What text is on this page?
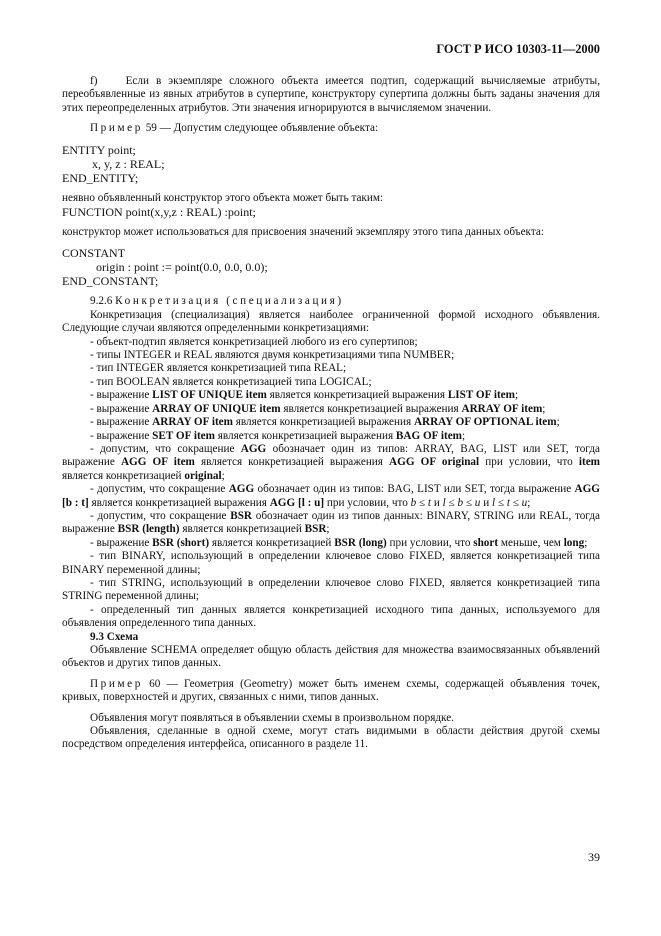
ГОСТ Р ИСО 10303-11—2000

f)    Если в экземпляре сложного объекта имеется подтип, содержащий вычисляемые атрибуты, переобъявленные из явных атрибутов в супертипе, конструктору супертипа должны быть заданы значения для этих переопределенных атрибутов. Эти значения игнорируются в вычисляемом значении.

Пример 59 — Допустим следующее объявление объекта:

ENTITY point;

x, y, z : REAL;

END_ENTITY;

неявно объявленный конструктор этого объекта может быть таким:

FUNCTION point(x,y,z : REAL) :point;

конструктор может использоваться для присвоения значений экземпляру этого типа данных объекта:

CONSTANT

origin : point := point(0.0, 0.0, 0.0);

END_CONSTANT;

9.2.6 Конкретизация (специализация)

Конкретизация (специализация) является наиболее ограниченной формой исходного объявления. Следующие случаи являются определенными конкретизациями:

- объект-подтип является конкретизацией любого из его супертипов;

- типы INTEGER и REAL являются двумя конкретизациями типа NUMBER;

- тип INTEGER является конкретизацией типа REAL;

- тип BOOLEAN является конкретизацией типа LOGICAL;

- выражение LIST OF UNIQUE item является конкретизацией выражения LIST OF item;

- выражение ARRAY OF UNIQUE item является конкретизацией выражения ARRAY OF item;

- выражение ARRAY OF item является конкретизацией выражения ARRAY OF OPTIONAL item;

- выражение SET OF item является конкретизацией выражения BAG OF item;

- допустим, что сокращение AGG обозначает один из типов: ARRAY, BAG, LIST или SET, тогда выражение AGG OF item является конкретизацией выражения AGG OF original при условии, что item является конкретизацией original;

- допустим, что сокращение AGG обозначает один из типов: BAG, LIST или SET, тогда выражение AGG [b : t] является конкретизацией выражения AGG [l : u] при условии, что b ≤ t и l ≤ b ≤ u и l ≤ t ≤ u;

- допустим, что сокращение BSR обозначает один из типов данных: BINARY, STRING или REAL, тогда выражение BSR (length) является конкретизацией BSR;

- выражение BSR (short) является конкретизацией BSR (long) при условии, что short меньше, чем long;

- тип BINARY, использующий в определении ключевое слово FIXED, является конкретизацией типа BINARY переменной длины;

- тип STRING, использующий в определении ключевое слово FIXED, является конкретизацией типа STRING переменной длины;

- определенный тип данных является конкретизацией исходного типа данных, используемого для объявления определенного типа данных.

9.3 Схема

Объявление SCHEMA определяет общую область действия для множества взаимосвязанных объявлений объектов и других типов данных.

Пример 60 — Геометрия (Geometry) может быть именем схемы, содержащей объявления точек, кривых, поверхностей и других, связанных с ними, типов данных.

Объявления могут появляться в объявлении схемы в произвольном порядке.

Объявления, сделанные в одной схеме, могут стать видимыми в области действия другой схемы посредством определения интерфейса, описанного в разделе 11.

39
